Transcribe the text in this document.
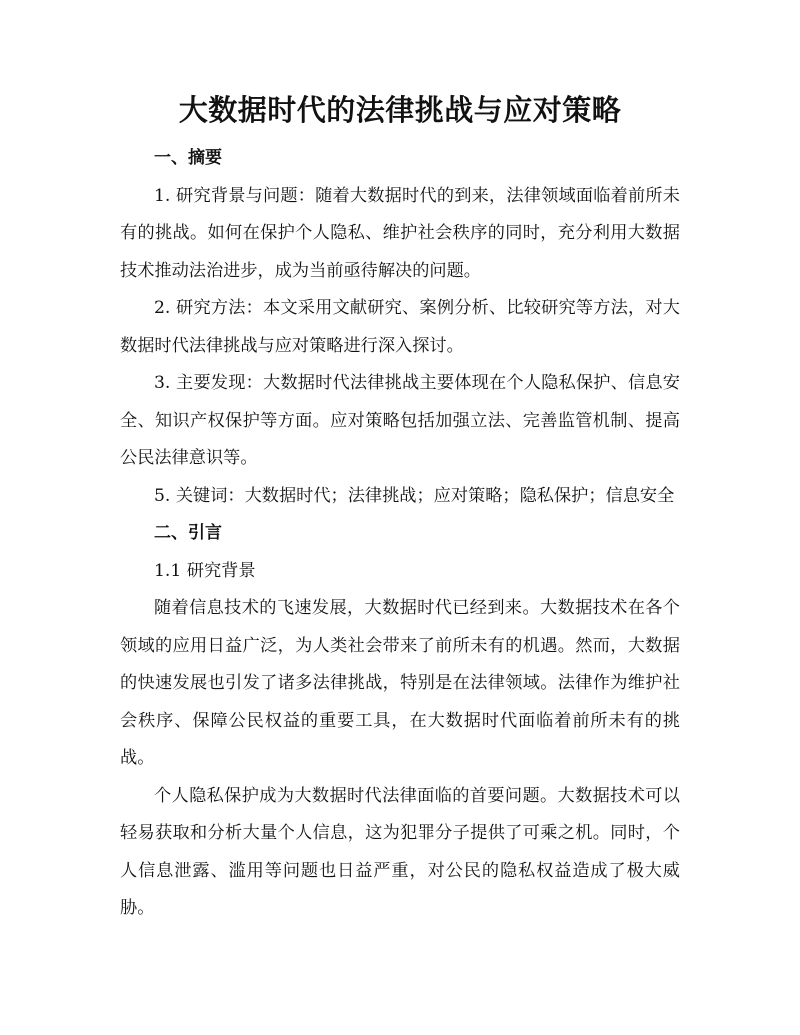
大数据时代的法律挑战与应对策略

一、摘要

1. 研究背景与问题：随着大数据时代的到来，法律领域面临着前所未有的挑战。如何在保护个人隐私、维护社会秩序的同时，充分利用大数据技术推动法治进步，成为当前亟待解决的问题。

2. 研究方法：本文采用文献研究、案例分析、比较研究等方法，对大数据时代法律挑战与应对策略进行深入探讨。

3. 主要发现：大数据时代法律挑战主要体现在个人隐私保护、信息安全、知识产权保护等方面。应对策略包括加强立法、完善监管机制、提高公民法律意识等。

5. 关键词：大数据时代；法律挑战；应对策略；隐私保护；信息安全

二、引言

1.1 研究背景

随着信息技术的飞速发展，大数据时代已经到来。大数据技术在各个领域的应用日益广泛，为人类社会带来了前所未有的机遇。然而，大数据的快速发展也引发了诸多法律挑战，特别是在法律领域。法律作为维护社会秩序、保障公民权益的重要工具，在大数据时代面临着前所未有的挑战。

个人隐私保护成为大数据时代法律面临的首要问题。大数据技术可以轻易获取和分析大量个人信息，这为犯罪分子提供了可乘之机。同时，个人信息泄露、滥用等问题也日益严重，对公民的隐私权益造成了极大威胁。
